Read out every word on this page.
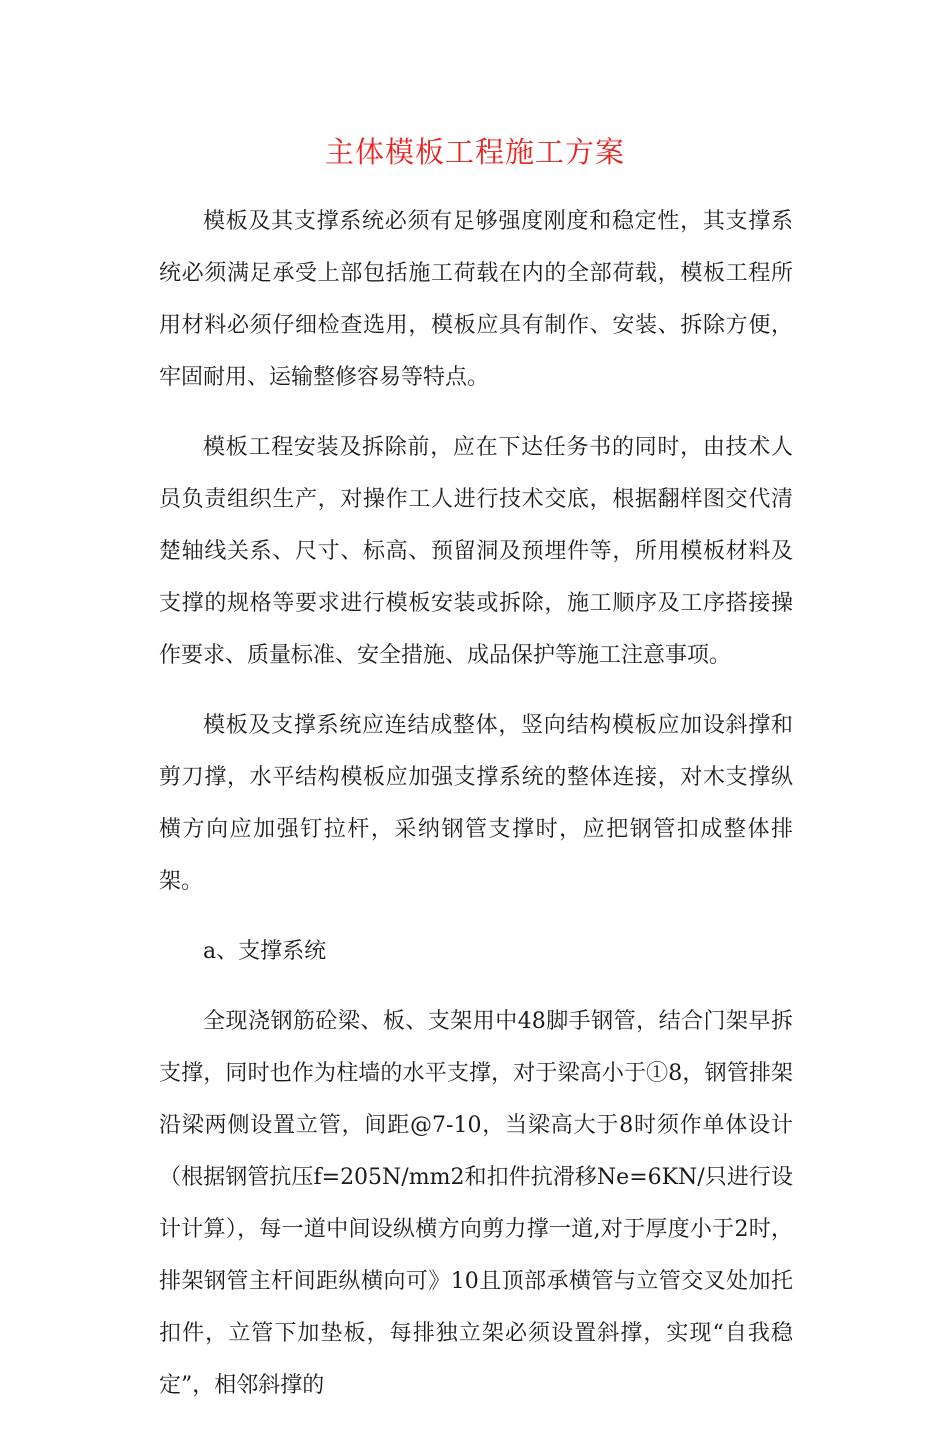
主体模板工程施工方案

模板及其支撑系统必须有足够强度刚度和稳定性，其支撑系统必须满足承受上部包括施工荷载在内的全部荷载，模板工程所用材料必须仔细检查选用，模板应具有制作、安装、拆除方便，牢固耐用、运输整修容易等特点。

模板工程安装及拆除前，应在下达任务书的同时，由技术人员负责组织生产，对操作工人进行技术交底，根据翻样图交代清楚轴线关系、尺寸、标高、预留洞及预埋件等，所用模板材料及支撑的规格等要求进行模板安装或拆除，施工顺序及工序搭接操作要求、质量标准、安全措施、成品保护等施工注意事项。

模板及支撑系统应连结成整体，竖向结构模板应加设斜撑和剪刀撑，水平结构模板应加强支撑系统的整体连接，对木支撑纵横方向应加强钉拉杆，采纳钢管支撑时，应把钢管扣成整体排架。

a、支撑系统

全现浇钢筋砼梁、板、支架用中48脚手钢管，结合门架早拆支撑，同时也作为柱墙的水平支撑，对于梁高小于①8，钢管排架沿梁两侧设置立管，间距@7-10，当梁高大于8时须作单体设计（根据钢管抗压f=205N/mm2和扣件抗滑移Ne=6KN/只进行设计计算），每一道中间设纵横方向剪力撑一道,对于厚度小于2时，排架钢管主杆间距纵横向可》10且顶部承横管与立管交叉处加托扣件，立管下加垫板，每排独立架必须设置斜撑，实现“自我稳定”，相邻斜撑的
